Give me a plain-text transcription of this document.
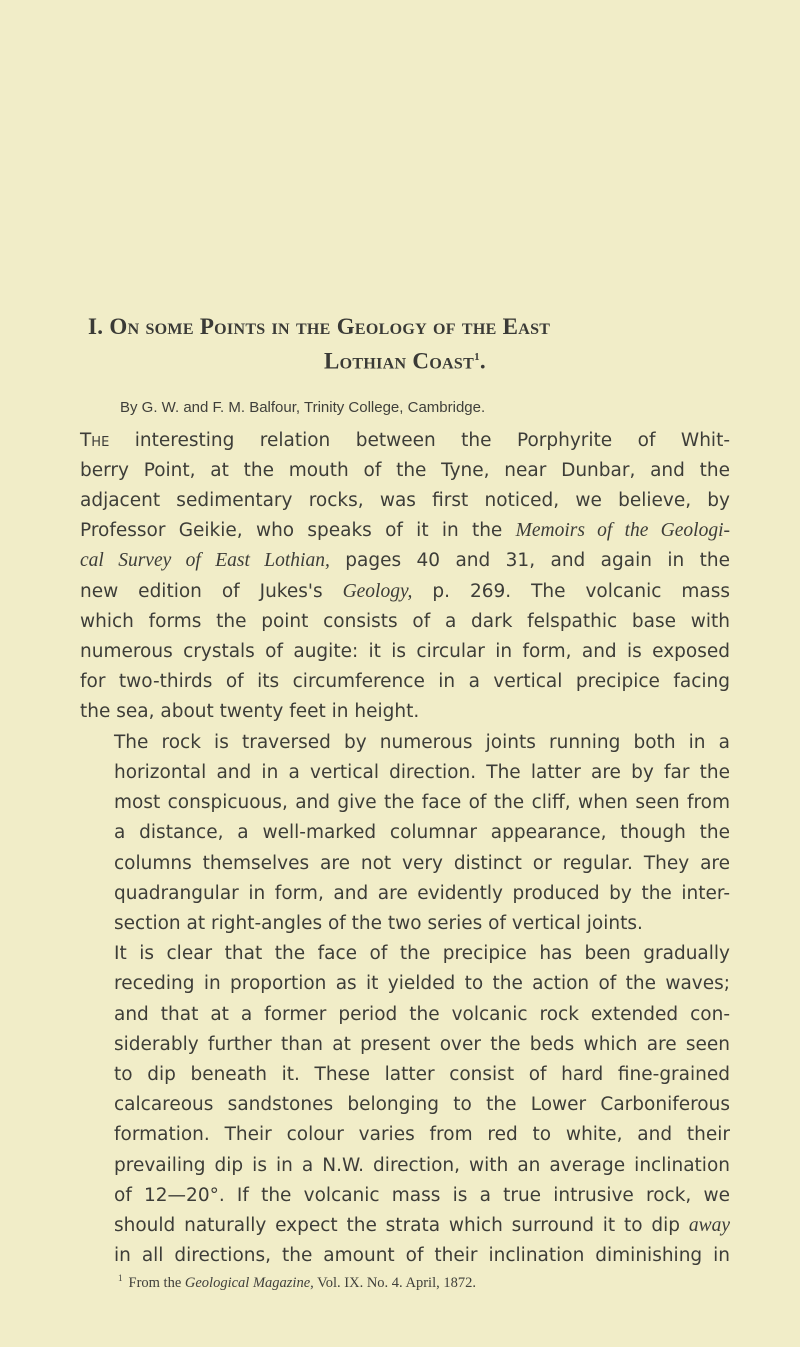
I. On some Points in the Geology of the East
Lothian Coast$^1$.
By G. W. and F. M. Balfour, Trinity College, Cambridge.

The interesting relation between the Porphyrite of Whit-
berry Point, at the mouth of the Tyne, near Dunbar, and the
adjacent sedimentary rocks, was first noticed, we believe, by
Professor Geikie, who speaks of it in the Memoirs of the Geologi-
cal Survey of East Lothian, pages 40 and 31, and again in the
new edition of Jukes's Geology, p. 269. The volcanic mass
which forms the point consists of a dark felspathic base with
numerous crystals of augite: it is circular in form, and is exposed
for two-thirds of its circumference in a vertical precipice facing
the sea, about twenty feet in height.

The rock is traversed by numerous joints running both in a
horizontal and in a vertical direction. The latter are by far the
most conspicuous, and give the face of the cliff, when seen from
a distance, a well-marked columnar appearance, though the
columns themselves are not very distinct or regular. They are
quadrangular in form, and are evidently produced by the inter-
section at right-angles of the two series of vertical joints.

It is clear that the face of the precipice has been gradually
receding in proportion as it yielded to the action of the waves;
and that at a former period the volcanic rock extended con-
siderably further than at present over the beds which are seen
to dip beneath it. These latter consist of hard fine-grained
calcareous sandstones belonging to the Lower Carboniferous
formation. Their colour varies from red to white, and their
prevailing dip is in a N.W. direction, with an average inclination
of 12—20°. If the volcanic mass is a true intrusive rock, we
should naturally expect the strata which surround it to dip away
in all directions, the amount of their inclination diminishing in

$^1$ From the Geological Magazine, Vol. IX. No. 4. April, 1872.
